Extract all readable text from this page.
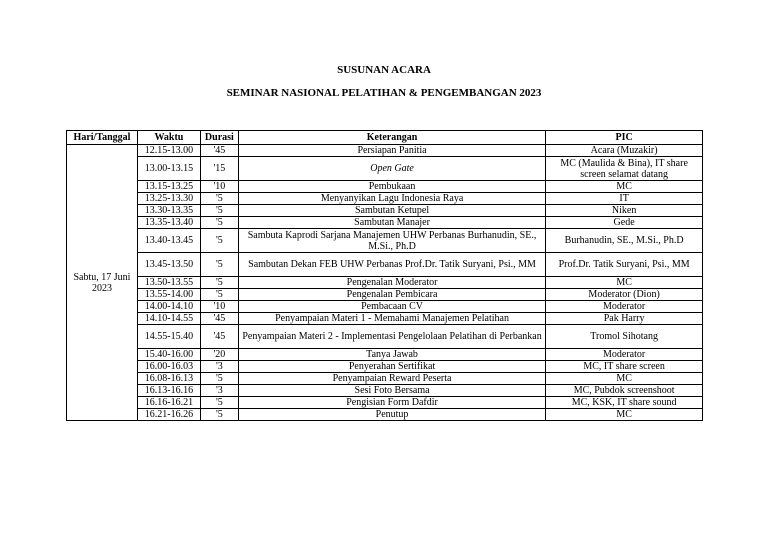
SUSUNAN ACARA
SEMINAR NASIONAL PELATIHAN & PENGEMBANGAN 2023
Hari/Tanggal	Waktu	Durasi	Keterangan	PIC
Sabtu, 17 Juni 2023	12.15-13.00	'45	Persiapan Panitia	Acara (Muzakir)
	13.00-13.15	'15	Open Gate	MC (Maulida & Bina), IT share screen selamat datang
	13.15-13.25	'10	Pembukaan	MC
	13.25-13.30	'5	Menyanyikan Lagu Indonesia Raya	IT
	13.30-13.35	'5	Sambutan Ketupel	Niken
	13.35-13.40	'5	Sambutan Manajer	Gede
	13.40-13.45	'5	Sambuta Kaprodi Sarjana Manajemen UHW Perbanas Burhanudin, SE., M.Si., Ph.D	Burhanudin, SE., M.Si., Ph.D
	13.45-13.50	'5	Sambutan Dekan FEB UHW Perbanas Prof.Dr. Tatik Suryani, Psi., MM	Prof.Dr. Tatik Suryani, Psi., MM
	13.50-13.55	'5	Pengenalan Moderator	MC
	13.55-14.00	'5	Pengenalan Pembicara	Moderator (Dion)
	14.00-14.10	'10	Pembacaan CV	Moderator
	14.10-14.55	'45	Penyampaian Materi 1 - Memahami Manajemen Pelatihan	Pak Harry
	14.55-15.40	'45	Penyampaian Materi 2 - Implementasi Pengelolaan Pelatihan di Perbankan	Tromol Sihotang
	15.40-16.00	'20	Tanya Jawab	Moderator
	16.00-16.03	'3	Penyerahan Sertifikat	MC, IT share screen
	16.08-16.13	'5	Penyampaian Reward Peserta	MC
	16.13-16.16	'3	Sesi Foto Bersama	MC, Pubdok screenshoot
	16.16-16.21	'5	Pengisian Form Dafdir	MC, KSK, IT share sound
	16.21-16.26	'5	Penutup	MC
